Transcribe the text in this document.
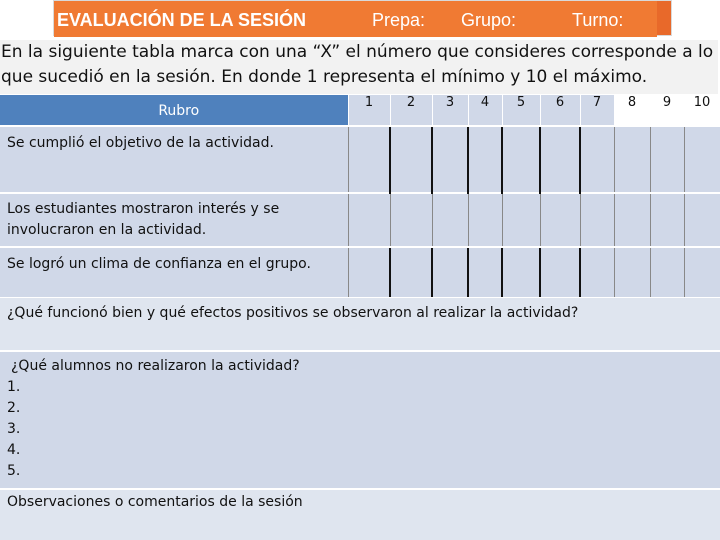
EVALUACIÓN DE LA SESIÓN	Prepa: Grupo:	Turno:
En la siguiente tabla marca con una “X” el número que consideres corresponde a lo que sucedió en la sesión. En donde 1 representa el mínimo y 10 el máximo.
Rubro	1	2	3	4	5	6	7	8	9	10
Se cumplió el objetivo de la actividad.										
Los estudiantes mostraron interés y se involucraron en la actividad.										
Se logró un clima de confianza en el grupo.										
¿Qué funcionó bien y qué efectos positivos se observaron al realizar la actividad?
¿Qué alumnos no realizaron la actividad?
1.
2.
3.
4.
5.
Observaciones o comentarios de la sesión
